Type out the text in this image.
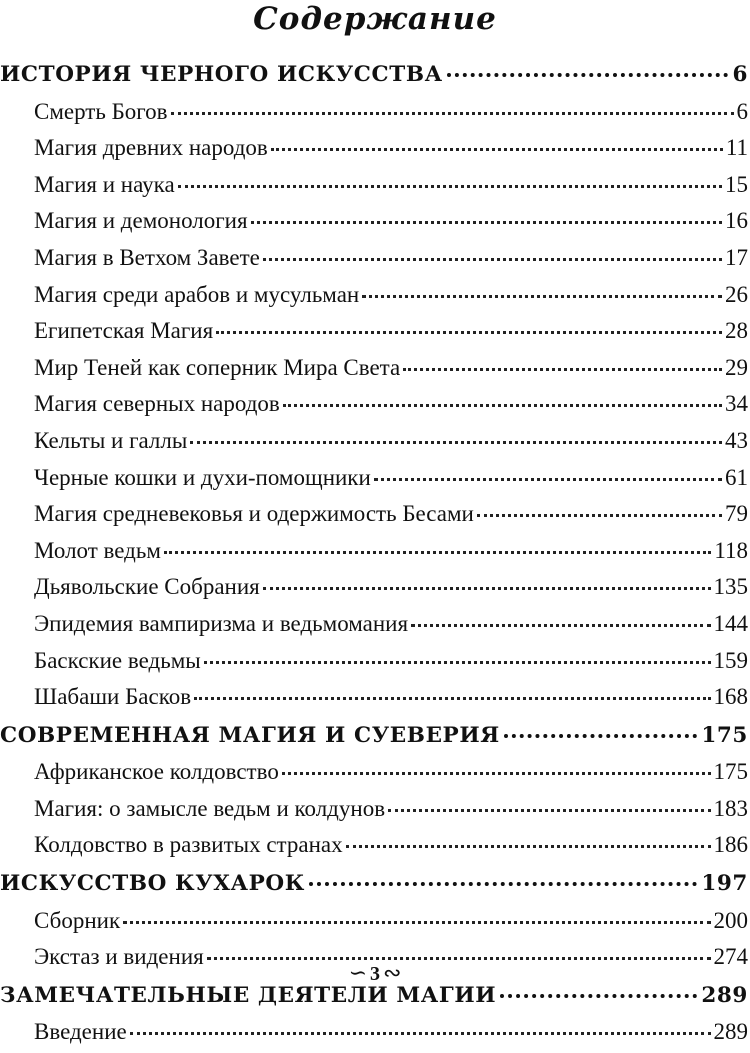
Содержание
ИСТОРИЯ ЧЕРНОГО ИСКУССТВА	6
Смерть Богов	6
Магия древних народов	11
Магия и наука	15
Магия и демонология	16
Магия в Ветхом Завете	17
Магия среди арабов и мусульман	26
Египетская Магия	28
Мир Теней как соперник Мира Света	29
Магия северных народов	34
Кельты и галлы	43
Черные кошки и духи-помощники	61
Магия средневековья и одержимость Бесами	79
Молот ведьм	118
Дьявольские Собрания	135
Эпидемия вампиризма и ведьмомания	144
Баскские ведьмы	159
Шабаши Басков	168
СОВРЕМЕННАЯ МАГИЯ И СУЕВЕРИЯ	175
Африканское колдовство	175
Магия: о замысле ведьм и колдунов	183
Колдовство в развитых странах	186
ИСКУССТВО КУХАРОК	197
Сборник	200
Экстаз и видения	274
ЗАМЕЧАТЕЛЬНЫЕ ДЕЯТЕЛИ МАГИИ	289
Введение	289
∽ 3 ∾
